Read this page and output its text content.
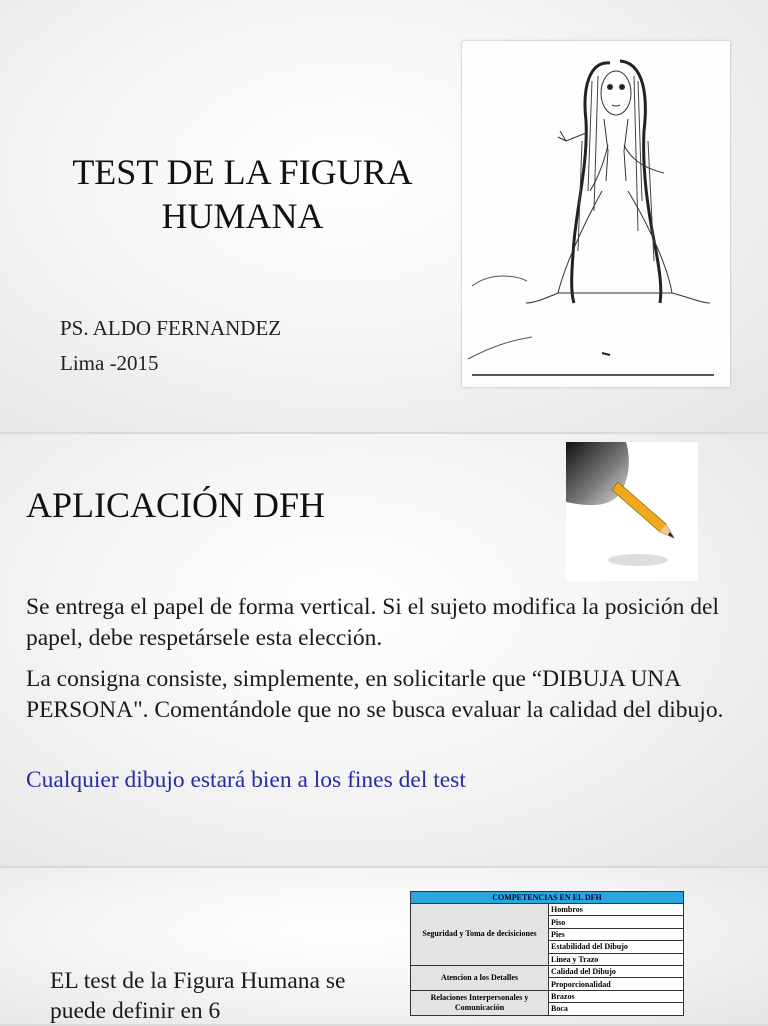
TEST DE LA FIGURA HUMANA
PS. ALDO FERNANDEZ
Lima -2015
APLICACIÓN DFH
Se entrega el papel de forma vertical. Si el sujeto modifica la posición del papel, debe respetársele esta elección.
La consigna consiste, simplemente, en solicitarle que “DIBUJA UNA PERSONA". Comentándole que no se busca evaluar la calidad del dibujo.
Cualquier dibujo estará bien a los fines del test
EL test de la Figura Humana se puede definir en 6
COMPETENCIAS EN EL DFH	
Seguridad y Toma de decisiciones	Hombros
	Piso
	Pies
	Estabilidad del Dibujo
	Linea y Trazo
Atencion a los Detalles	Calidad del Dibujo
	Proporcionalidad
Relaciones Interpersonales y Comunicación	Brazos
	Boca
